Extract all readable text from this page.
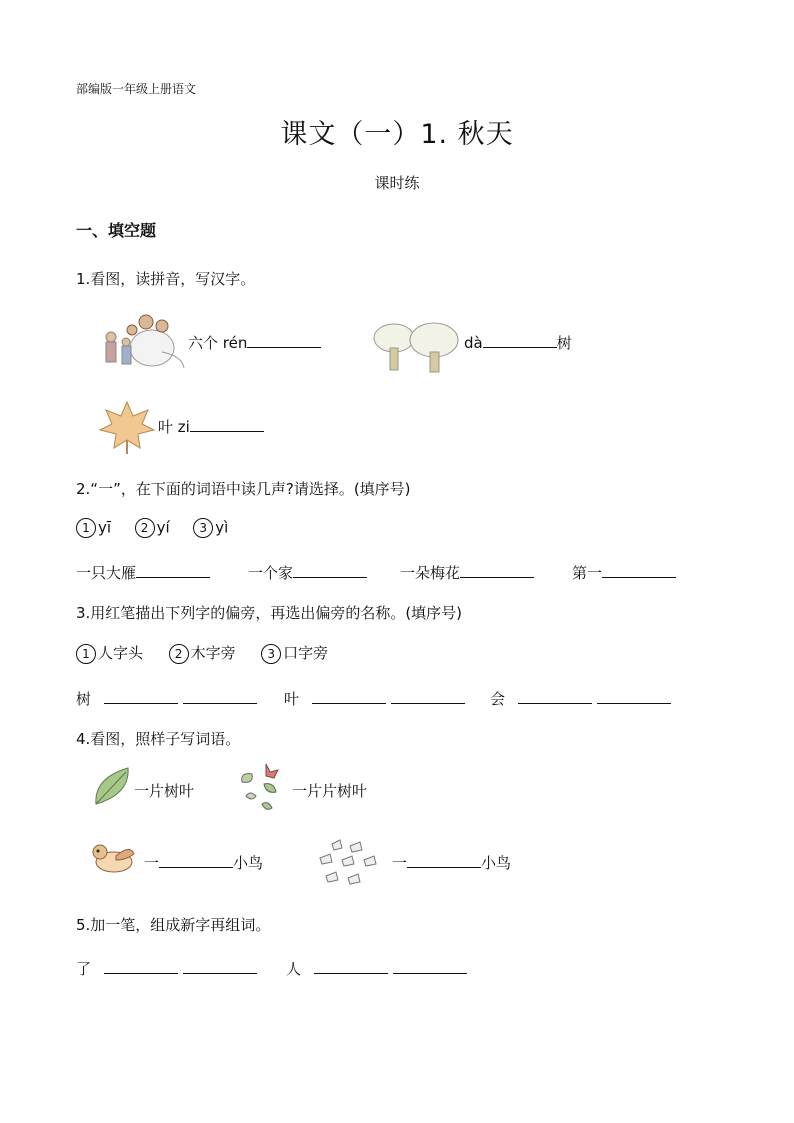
部编版一年级上册语文
课文（一）1. 秋天
课时练
一、填空题
1.看图，读拼音，写汉字。
六个 rén	dà	树
叶 zi
2.“一”，在下面的词语中读几声?请选择。(填序号)
1 yī 2 yí 3 yì
一只大雁	一个家	一朵梅花	第一
3.用红笔描出下列字的偏旁，再选出偏旁的名称。(填序号)
1 人字头	2 木字旁	3 口字旁
树	叶	会
4.看图，照样子写词语。
一片树叶	一片片树叶
一	小鸟	一	小鸟
5.加一笔，组成新字再组词。
了	人
